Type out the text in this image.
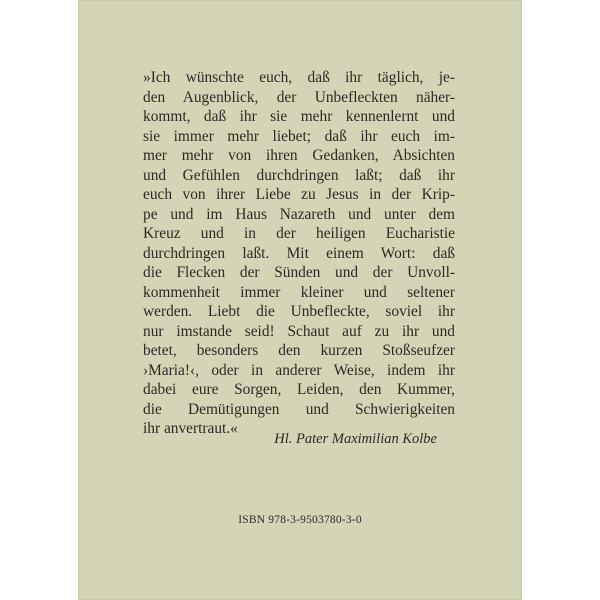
»Ich wünschte euch, daß ihr täglich, je-
den Augenblick, der Unbefleckten näher-
kommt, daß ihr sie mehr kennenlernt und
sie immer mehr liebet; daß ihr euch im-
mer mehr von ihren Gedanken, Absichten
und Gefühlen durchdringen laßt; daß ihr
euch von ihrer Liebe zu Jesus in der Krip-
pe und im Haus Nazareth und unter dem
Kreuz und in der heiligen Eucharistie
durchdringen laßt. Mit einem Wort: daß
die Flecken der Sünden und der Unvoll-
kommenheit immer kleiner und seltener
werden. Liebt die Unbefleckte, soviel ihr
nur imstande seid! Schaut auf zu ihr und
betet, besonders den kurzen Stoßseufzer
›Maria!‹, oder in anderer Weise, indem ihr
dabei eure Sorgen, Leiden, den Kummer,
die Demütigungen und Schwierigkeiten
ihr anvertraut.«
Hl. Pater Maximilian Kolbe
ISBN 978-3-9503780-3-0
